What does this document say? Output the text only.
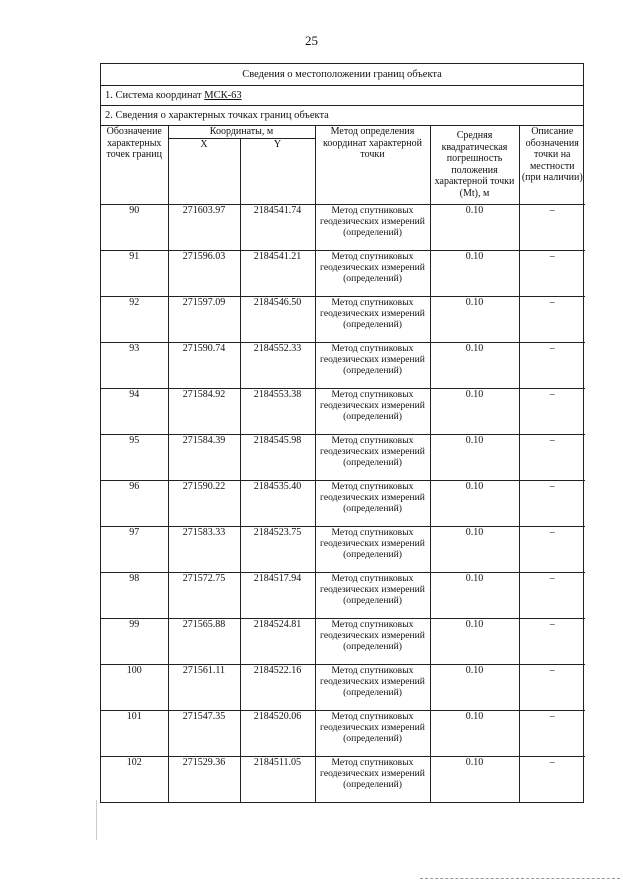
25
Сведения о местоположении границ объекта
1. Система координат МСК-63
2. Сведения о характерных точках границ объекта
Обозначение характерных точек границ	Координаты, м		Метод определения координат характерной точки	Средняя квадратическая погрешность положения характерной точки (Mt), м	Описание обозначения точки на местности (при наличии)
	X	Y			
90	271603.97	2184541.74	Метод спутниковых геодезических измерений (определений)	0.10	–
91	271596.03	2184541.21	Метод спутниковых геодезических измерений (определений)	0.10	–
92	271597.09	2184546.50	Метод спутниковых геодезических измерений (определений)	0.10	–
93	271590.74	2184552.33	Метод спутниковых геодезических измерений (определений)	0.10	–
94	271584.92	2184553.38	Метод спутниковых геодезических измерений (определений)	0.10	–
95	271584.39	2184545.98	Метод спутниковых геодезических измерений (определений)	0.10	–
96	271590.22	2184535.40	Метод спутниковых геодезических измерений (определений)	0.10	–
97	271583.33	2184523.75	Метод спутниковых геодезических измерений (определений)	0.10	–
98	271572.75	2184517.94	Метод спутниковых геодезических измерений (определений)	0.10	–
99	271565.88	2184524.81	Метод спутниковых геодезических измерений (определений)	0.10	–
100	271561.11	2184522.16	Метод спутниковых геодезических измерений (определений)	0.10	–
101	271547.35	2184520.06	Метод спутниковых геодезических измерений (определений)	0.10	–
102	271529.36	2184511.05	Метод спутниковых геодезических измерений (определений)	0.10	–
